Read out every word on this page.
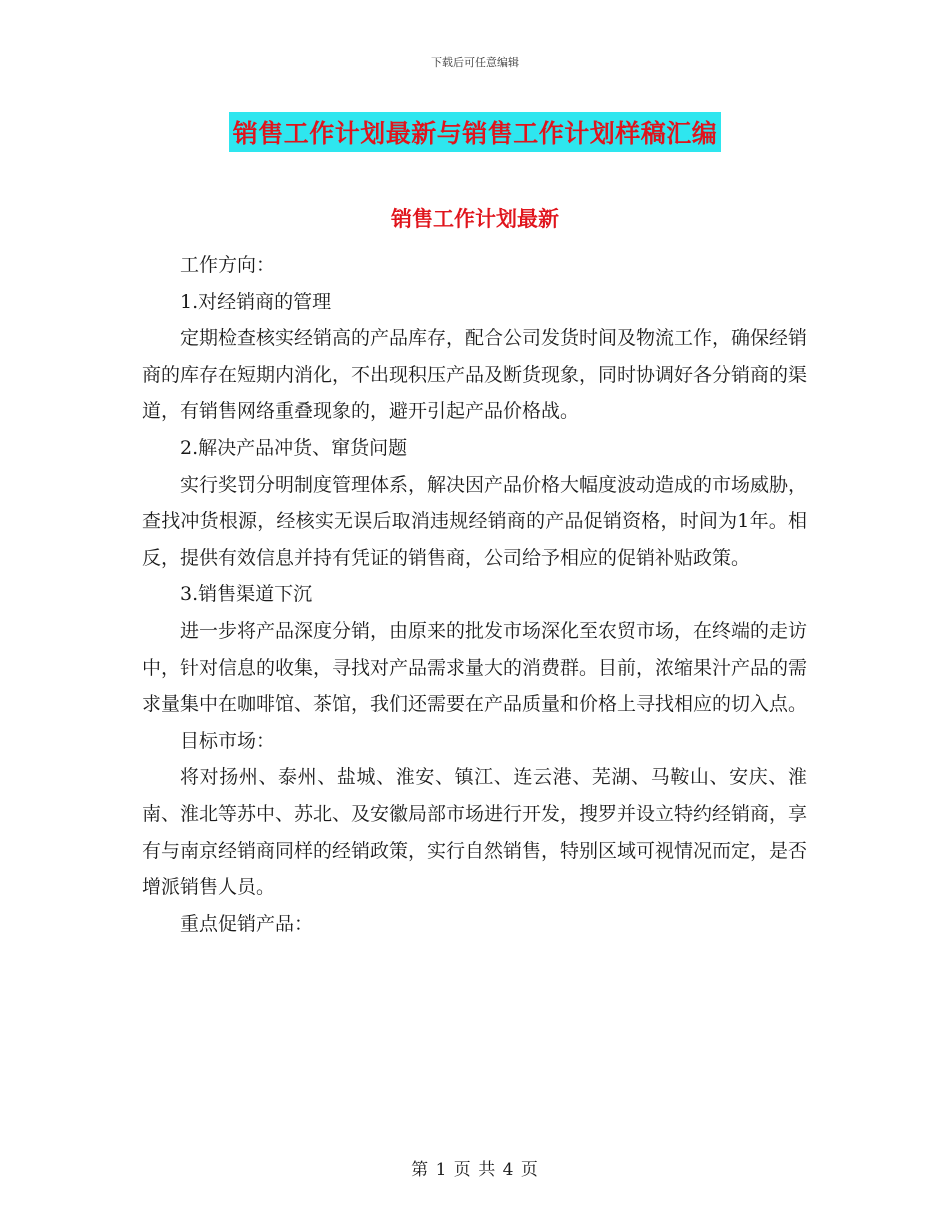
下载后可任意编辑
销售工作计划最新与销售工作计划样稿汇编
销售工作计划最新

工作方向：

1.对经销商的管理

定期检查核实经销高的产品库存，配合公司发货时间及物流工作，确保经销商的库存在短期内消化，不出现积压产品及断货现象，同时协调好各分销商的渠道，有销售网络重叠现象的，避开引起产品价格战。

2.解决产品冲货、窜货问题

实行奖罚分明制度管理体系，解决因产品价格大幅度波动造成的市场威胁，查找冲货根源，经核实无误后取消违规经销商的产品促销资格，时间为1年。相反，提供有效信息并持有凭证的销售商，公司给予相应的促销补贴政策。

3.销售渠道下沉

进一步将产品深度分销，由原来的批发市场深化至农贸市场，在终端的走访中，针对信息的收集，寻找对产品需求量大的消费群。目前，浓缩果汁产品的需求量集中在咖啡馆、茶馆，我们还需要在产品质量和价格上寻找相应的切入点。

目标市场：

将对扬州、泰州、盐城、淮安、镇江、连云港、芜湖、马鞍山、安庆、淮南、淮北等苏中、苏北、及安徽局部市场进行开发，搜罗并设立特约经销商，享有与南京经销商同样的经销政策，实行自然销售，特别区域可视情况而定，是否增派销售人员。

重点促销产品：

第 1 页 共 4 页
